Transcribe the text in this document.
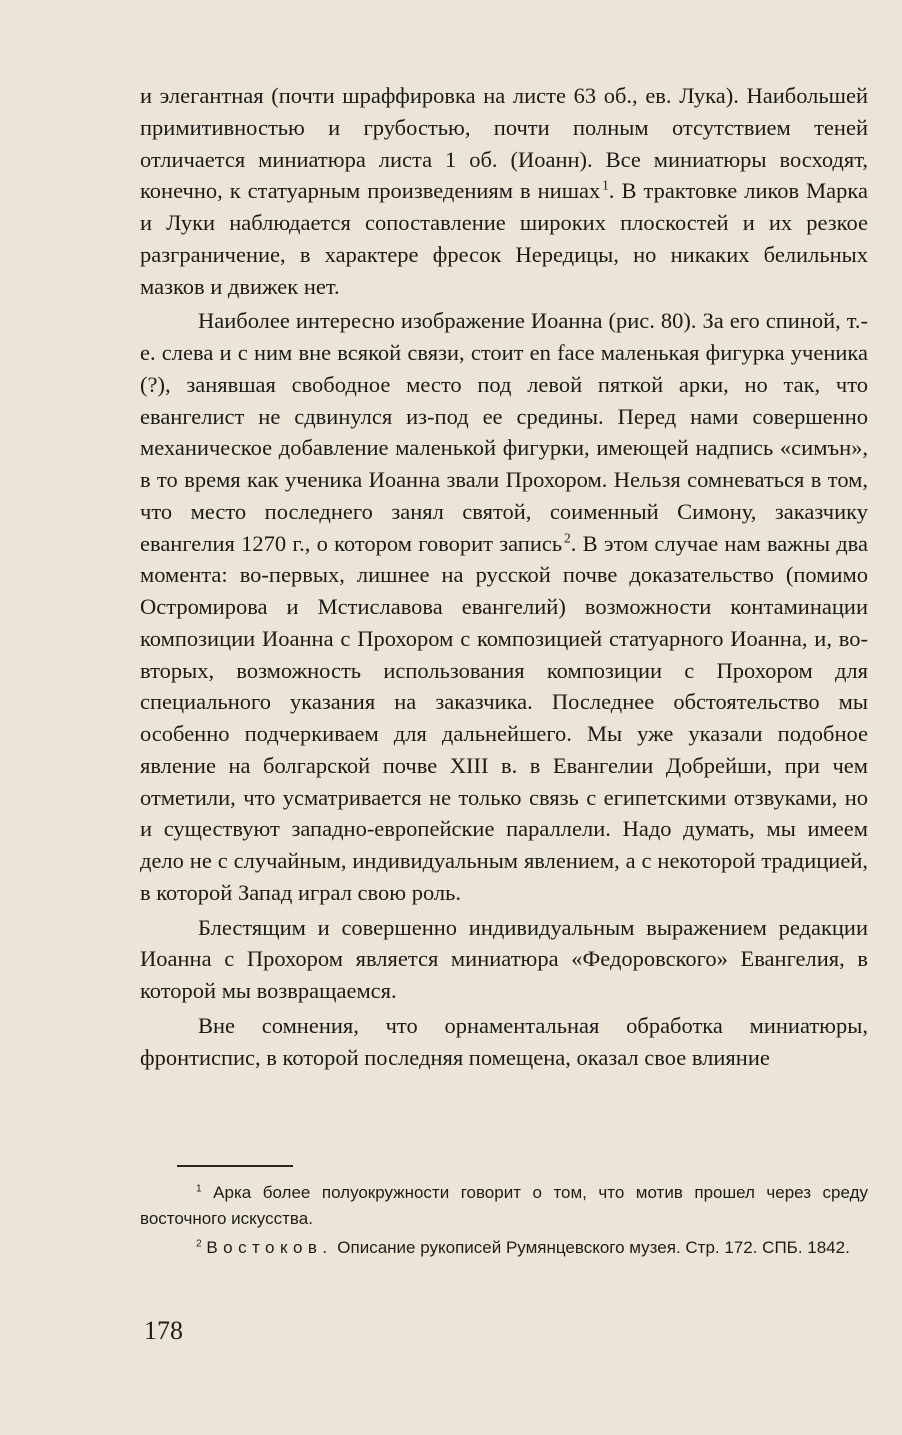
и элегантная (почти шраффировка на листе 63 об., ев. Лука). Наибольшей примитивностью и грубостью, почти полным отсутствием теней отличается миниатюра листа 1 об. (Иоанн). Все миниатюры восходят, конечно, к статуарным произведениям в нишах  $^1$. В трактовке ликов Марка и Луки наблюдается сопоставление широких плоскостей и их резкое разграничение, в характере фресок Нередицы, но никаких белильных мазков и движек нет.

Наиболее интересно изображение Иоанна (рис. 80). За его спиной, т.-е. слева и с ним вне всякой связи, стоит en face маленькая фигурка ученика (?), занявшая свободное место под левой пяткой арки, но так, что евангелист не сдвинулся из-под ее средины. Перед нами совершенно механическое добавление маленькой фигурки, имеющей надпись «симън», в то время как ученика Иоанна звали Прохором. Нельзя сомневаться в том, что место последнего занял святой, соименный Симону, заказчику евангелия 1270 г., о котором говорит запись  $^2$. В этом случае нам важны два момента: во-первых, лишнее на русской почве доказательство (помимо Остромирова и Мстиславова евангелий) возможности контаминации композиции Иоанна с Прохором с композицией статуарного Иоанна, и, во-вторых, возможность использования композиции с Прохором для специального указания на заказчика. Последнее обстоятельство мы особенно подчеркиваем для дальнейшего. Мы уже указали подобное явление на болгарской почве XIII в. в Евангелии Добрейши, при чем отметили, что усматривается не только связь с египетскими отзвуками, но и существуют западно-европейские параллели. Надо думать, мы имеем дело не с случайным, индивидуальным явлением, а с некоторой традицией, в которой Запад играл свою роль.

Блестящим и совершенно индивидуальным выражением редакции Иоанна с Прохором является миниатюра «Федоровского» Евангелия, в которой мы возвращаемся.

Вне сомнения, что орнаментальная обработка миниатюры, фронтиспис, в которой последняя помещена, оказал свое влияние

$^1$ Арка более полуокружности говорит о том, что мотив прошел через среду восточного искусства.

$^2$ Востоков. Описание рукописей Румянцевского музея. Стр. 172. СПБ. 1842.

178
